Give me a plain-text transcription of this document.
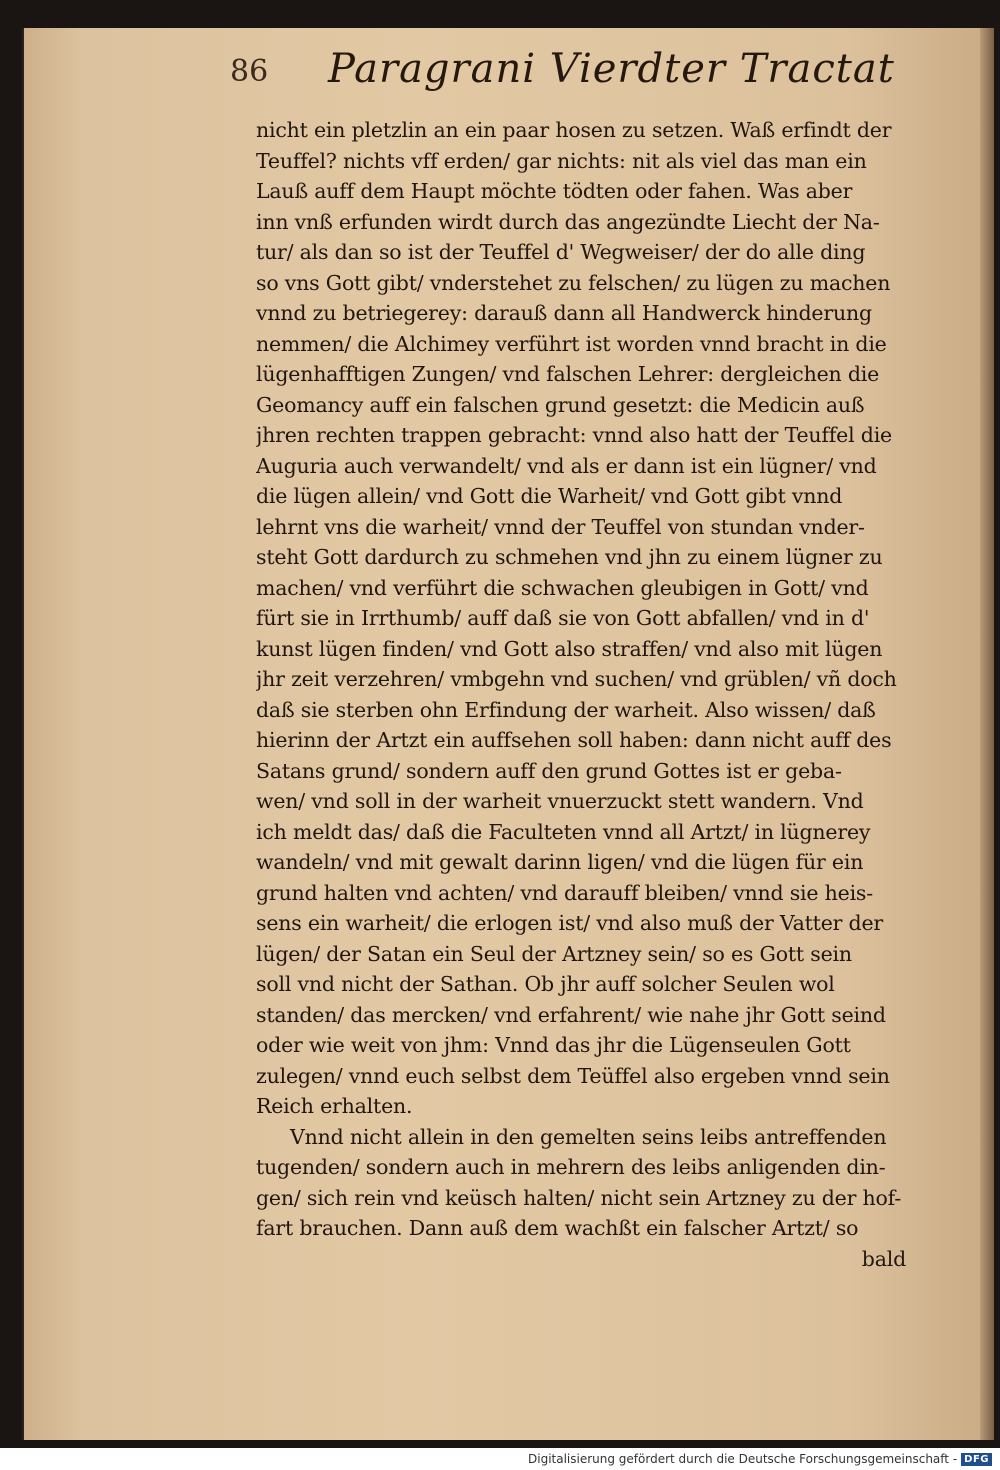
86 Paragrani Vierdter Tractat
nicht ein pletzlin an ein paar hosen zu setzen. Waß erfindt der
Teuffel? nichts vff erden/ gar nichts: nit als viel das man ein
Lauß auff dem Haupt möchte tödten oder fahen. Was aber
inn vnß erfunden wirdt durch das angezündte Liecht der Na-
tur/ als dan so ist der Teuffel d' Wegweiser/ der do alle ding
so vns Gott gibt/ vnderstehet zu felschen/ zu lügen zu machen
vnnd zu betriegerey: darauß dann all Handwerck hinderung
nemmen/ die Alchimey verführt ist worden vnnd bracht in die
lügenhafftigen Zungen/ vnd falschen Lehrer: dergleichen die
Geomancy auff ein falschen grund gesetzt: die Medicin auß
jhren rechten trappen gebracht: vnnd also hatt der Teuffel die
Auguria auch verwandelt/ vnd als er dann ist ein lügner/ vnd
die lügen allein/ vnd Gott die Warheit/ vnd Gott gibt vnnd
lehrnt vns die warheit/ vnnd der Teuffel von stundan vnder-
steht Gott dardurch zu schmehen vnd jhn zu einem lügner zu
machen/ vnd verführt die schwachen gleubigen in Gott/ vnd
fürt sie in Irrthumb/ auff daß sie von Gott abfallen/ vnd in d'
kunst lügen finden/ vnd Gott also straffen/ vnd also mit lügen
jhr zeit verzehren/ vmbgehn vnd suchen/ vnd grüblen/ vñ doch
daß sie sterben ohn Erfindung der warheit. Also wissen/ daß
hierinn der Artzt ein auffsehen soll haben: dann nicht auff des
Satans grund/ sondern auff den grund Gottes ist er geba-
wen/ vnd soll in der warheit vnuerzuckt stett wandern. Vnd
ich meldt das/ daß die Faculteten vnnd all Artzt/ in lügnerey
wandeln/ vnd mit gewalt darinn ligen/ vnd die lügen für ein
grund halten vnd achten/ vnd darauff bleiben/ vnnd sie heis-
sens ein warheit/ die erlogen ist/ vnd also muß der Vatter der
lügen/ der Satan ein Seul der Artzney sein/ so es Gott sein
soll vnd nicht der Sathan. Ob jhr auff solcher Seulen wol
standen/ das mercken/ vnd erfahrent/ wie nahe jhr Gott seind
oder wie weit von jhm: Vnnd das jhr die Lügenseulen Gott
zulegen/ vnnd euch selbst dem Teüffel also ergeben vnnd sein
Reich erhalten.
Vnnd nicht allein in den gemelten seins leibs antreffenden
tugenden/ sondern auch in mehrern des leibs anligenden din-
gen/ sich rein vnd keüsch halten/ nicht sein Artzney zu der hof-
fart brauchen. Dann auß dem wachßt ein falscher Artzt/ so
bald
Digitalisierung gefördert durch die Deutsche Forschungsgemeinschaft - DFG
